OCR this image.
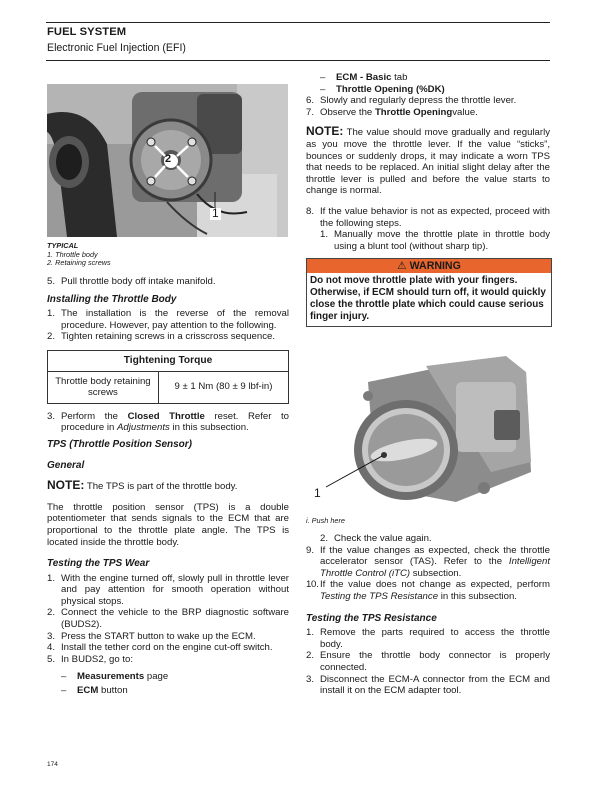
FUEL SYSTEM
Electronic Fuel Injection (EFI)
2
1
TYPICAL
1. Throttle body
2. Retaining screws
5. Pull throttle body off intake manifold.

Installing the Throttle Body

1. The installation is the reverse of the removal procedure. However, pay attention to the following.
2. Tighten retaining screws in a crisscross sequence.
Tightening Torque
Throttle body retaining screws	9 ± 1 Nm (80 ± 9 lbf-in)
3. Perform the Closed Throttle reset. Refer to procedure in Adjustments in this subsection.

TPS (Throttle Position Sensor)

General

NOTE: The TPS is part of the throttle body.

The throttle position sensor (TPS) is a double potentiometer that sends signals to the ECM that are proportional to the throttle plate angle. The TPS is located inside the throttle body.

Testing the TPS Wear

1. With the engine turned off, slowly pull in throttle lever and pay attention for smooth operation without physical stops.
2. Connect the vehicle to the BRP diagnostic software (BUDS2).
3. Press the START button to wake up the ECM.
4. Install the tether cord on the engine cut-off switch.
5. In BUDS2, go to:
– Measurements page
– ECM button
– ECM - Basic tab
– Throttle Opening (%DK)
6. Slowly and regularly depress the throttle lever.
7. Observe the Throttle Openingvalue.

NOTE: The value should move gradually and regularly as you move the throttle lever. If the value “sticks”, bounces or suddenly drops, it may indicate a worn TPS that needs to be replaced. An initial slight delay after the throttle lever is pulled and before the value starts to change is normal.

8. If the value behavior is not as expected, proceed with the following steps.
1. Manually move the throttle plate in throttle body using a blunt tool (without sharp tip).
⚠ WARNING
Do not move throttle plate with your fingers. Otherwise, if ECM should turn off, it would quickly close the throttle plate which could cause serious finger injury.
1
i. Push here
2. Check the value again.
9. If the value changes as expected, check the throttle accelerator sensor (TAS). Refer to the Intelligent Throttle Control (iTC) subsection.
10. If the value does not change as expected, perform Testing the TPS Resistance in this subsection.

Testing the TPS Resistance

1. Remove the parts required to access the throttle body.
2. Ensure the throttle body connector is properly connected.
3. Disconnect the ECM-A connector from the ECM and install it on the ECM adapter tool.
174
